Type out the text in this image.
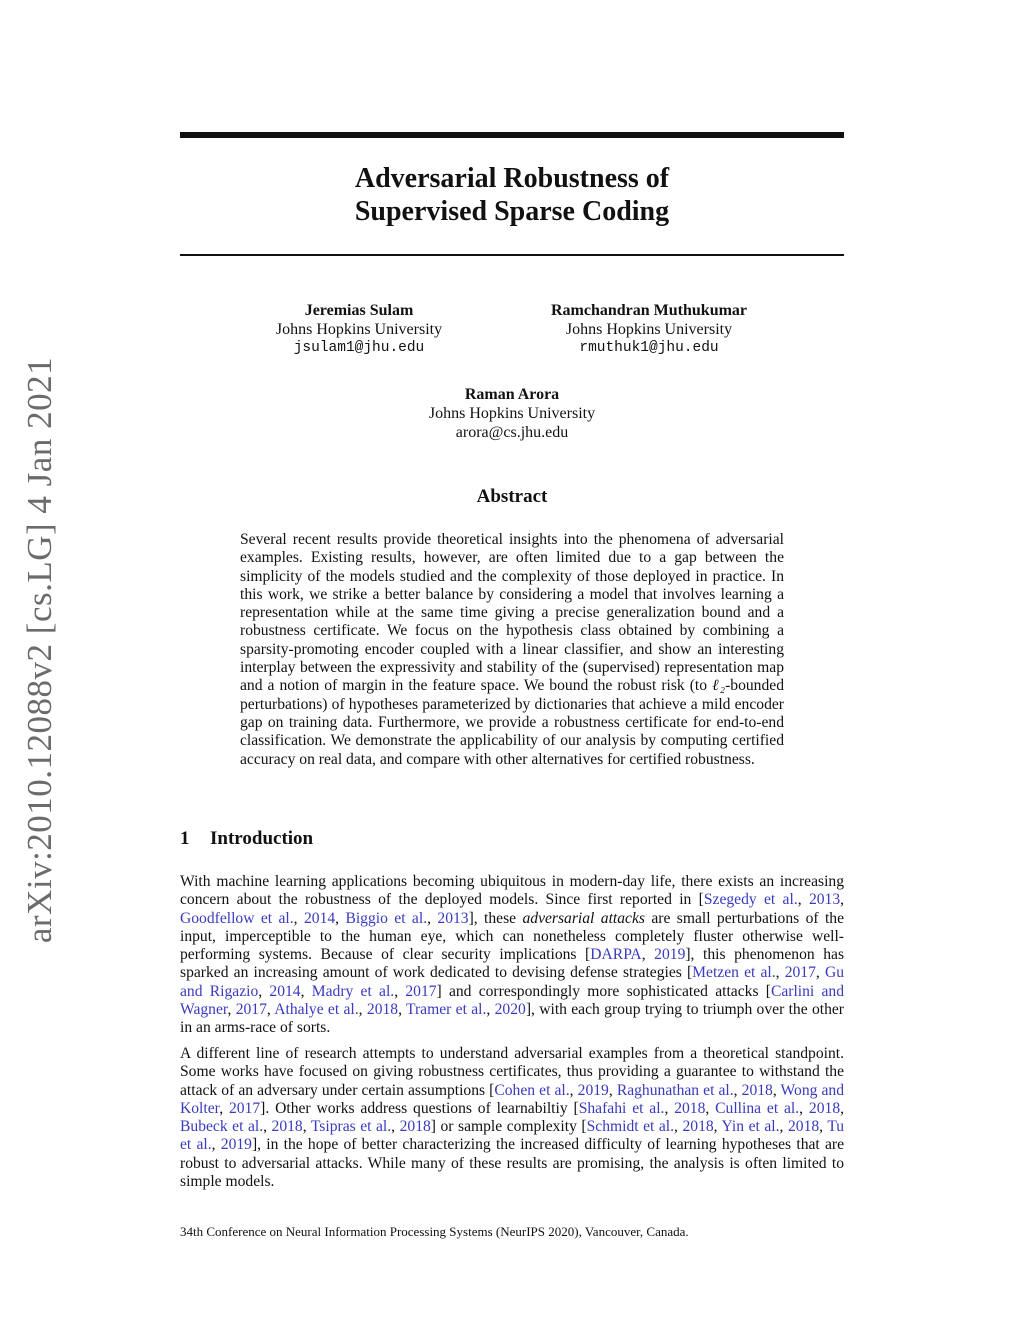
arXiv:2010.12088v2 [cs.LG] 4 Jan 2021
Adversarial Robustness of
Supervised Sparse Coding
Jeremias Sulam
Johns Hopkins University
jsulam1@jhu.edu
Ramchandran Muthukumar
Johns Hopkins University
rmuthuk1@jhu.edu
Raman Arora
Johns Hopkins University
arora@cs.jhu.edu
Abstract
Several recent results provide theoretical insights into the phenomena of adversarial examples. Existing results, however, are often limited due to a gap between the simplicity of the models studied and the complexity of those deployed in practice. In this work, we strike a better balance by considering a model that involves learning a representation while at the same time giving a precise generalization bound and a robustness certificate. We focus on the hypothesis class obtained by combining a sparsity-promoting encoder coupled with a linear classifier, and show an interesting interplay between the expressivity and stability of the (supervised) representation map and a notion of margin in the feature space. We bound the robust risk (to ℓ₂-bounded perturbations) of hypotheses parameterized by dictionaries that achieve a mild encoder gap on training data. Furthermore, we provide a robustness certificate for end-to-end classification. We demonstrate the applicability of our analysis by computing certified accuracy on real data, and compare with other alternatives for certified robustness.
1 Introduction
With machine learning applications becoming ubiquitous in modern-day life, there exists an increasing concern about the robustness of the deployed models. Since first reported in [Szegedy et al., 2013, Goodfellow et al., 2014, Biggio et al., 2013], these adversarial attacks are small perturbations of the input, imperceptible to the human eye, which can nonetheless completely fluster otherwise well-performing systems. Because of clear security implications [DARPA, 2019], this phenomenon has sparked an increasing amount of work dedicated to devising defense strategies [Metzen et al., 2017, Gu and Rigazio, 2014, Madry et al., 2017] and correspondingly more sophisticated attacks [Carlini and Wagner, 2017, Athalye et al., 2018, Tramer et al., 2020], with each group trying to triumph over the other in an arms-race of sorts.
A different line of research attempts to understand adversarial examples from a theoretical standpoint. Some works have focused on giving robustness certificates, thus providing a guarantee to withstand the attack of an adversary under certain assumptions [Cohen et al., 2019, Raghunathan et al., 2018, Wong and Kolter, 2017]. Other works address questions of learnabiltiy [Shafahi et al., 2018, Cullina et al., 2018, Bubeck et al., 2018, Tsipras et al., 2018] or sample complexity [Schmidt et al., 2018, Yin et al., 2018, Tu et al., 2019], in the hope of better characterizing the increased difficulty of learning hypotheses that are robust to adversarial attacks. While many of these results are promising, the analysis is often limited to simple models.
34th Conference on Neural Information Processing Systems (NeurIPS 2020), Vancouver, Canada.
